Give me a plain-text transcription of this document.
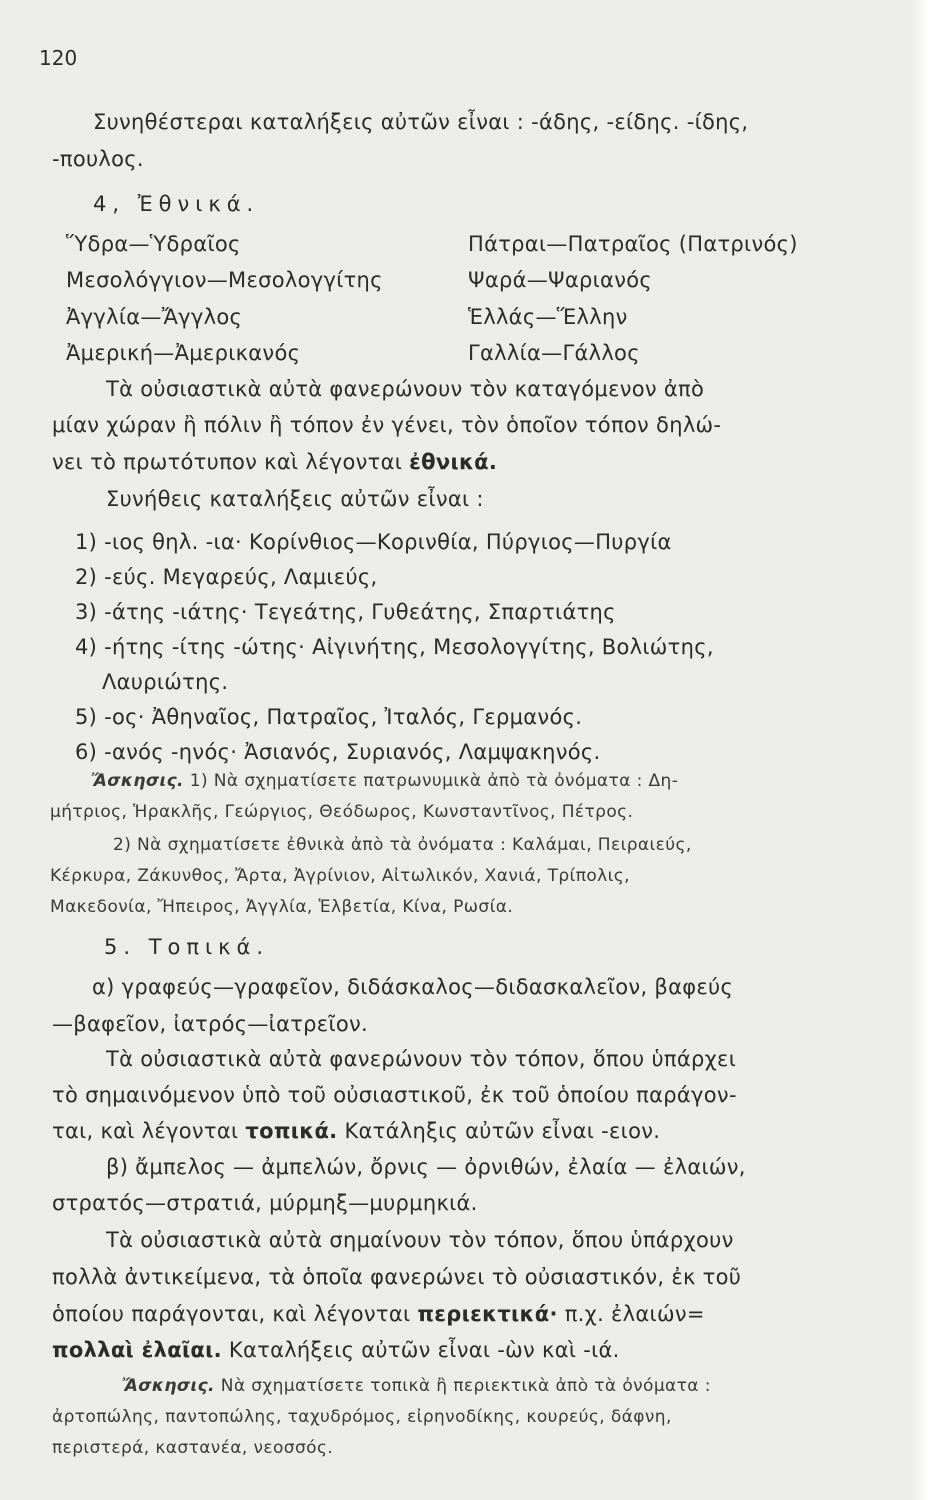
120
Συνηθέστεραι καταλήξεις αὐτῶν εἶναι : -άδης, -είδης. -ίδης,
-πουλος.
4, Ἐθνικά.
Ὕδρα—Ὑδραῖος	Πάτραι—Πατραῖος (Πατρινός)
Μεσολόγγιον—Μεσολογγίτης	Ψαρά—Ψαριανός
Ἀγγλία—Ἄγγλος	Ἑλλάς—Ἕλλην
Ἀμερική—Ἀμερικανός	Γαλλία—Γάλλος
Τὰ οὐσιαστικὰ αὐτὰ φανερώνουν τὸν καταγόμενον ἀπὸ
μίαν χώραν ἢ πόλιν ἢ τόπον ἐν γένει, τὸν ὁποῖον τόπον δηλώ-
νει τὸ πρωτότυπον καὶ λέγονται ἐθνικά.
Συνήθεις καταλήξεις αὐτῶν εἶναι :
1) -ιος θηλ. -ια· Κορίνθιος—Κορινθία, Πύργιος—Πυργία
2) -εύς. Μεγαρεύς, Λαμιεύς,
3) -άτης -ιάτης· Τεγεάτης, Γυθεάτης, Σπαρτιάτης
4) -ήτης -ίτης -ώτης· Αἰγινήτης, Μεσολογγίτης, Βολιώτης,
Λαυριώτης.
5) -ος· Ἀθηναῖος, Πατραῖος, Ἰταλός, Γερμανός.
6) -ανός -ηνός· Ἀσιανός, Συριανός, Λαμψακηνός.
Ἄσκησις. 1) Νὰ σχηματίσετε πατρωνυμικὰ ἀπὸ τὰ ὀνόματα : Δη-
μήτριος, Ἡρακλῆς, Γεώργιος, Θεόδωρος, Κωνσταντῖνος, Πέτρος.
2) Νὰ σχηματίσετε ἐθνικὰ ἀπὸ τὰ ὀνόματα : Καλάμαι, Πειραιεύς,
Κέρκυρα, Ζάκυνθος, Ἄρτα, Ἀγρίνιον, Αἰτωλικόν, Χανιά, Τρίπολις,
Μακεδονία, Ἤπειρος, Ἀγγλία, Ἑλβετία, Κίνα, Ρωσία.
5. Τοπικά.
α) γραφεύς—γραφεῖον, διδάσκαλος—διδασκαλεῖον, βαφεύς
—βαφεῖον, ἰατρός—ἰατρεῖον.
Τὰ οὐσιαστικὰ αὐτὰ φανερώνουν τὸν τόπον, ὅπου ὑπάρχει
τὸ σημαινόμενον ὑπὸ τοῦ οὐσιαστικοῦ, ἐκ τοῦ ὁποίου παράγον-
ται, καὶ λέγονται τοπικά. Κατάληξις αὐτῶν εἶναι -ειον.
β) ἄμπελος — ἀμπελών, ὄρνις — ὀρνιθών, ἐλαία — ἐλαιών,
στρατός—στρατιά, μύρμηξ—μυρμηκιά.
Τὰ οὐσιαστικὰ αὐτὰ σημαίνουν τὸν τόπον, ὅπου ὑπάρχουν
πολλὰ ἀντικείμενα, τὰ ὁποῖα φανερώνει τὸ οὐσιαστικόν, ἐκ τοῦ
ὁποίου παράγονται, καὶ λέγονται περιεκτικά· π.χ. ἐλαιών=
πολλαὶ ἐλαῖαι. Καταλήξεις αὐτῶν εἶναι -ὼν καὶ -ιά.
Ἄσκησις. Νὰ σχηματίσετε τοπικὰ ἢ περιεκτικὰ ἀπὸ τὰ ὀνόματα :
ἀρτοπώλης, παντοπώλης, ταχυδρόμος, εἰρηνοδίκης, κουρεύς, δάφνη,
περιστερά, καστανέα, νεοσσός.
